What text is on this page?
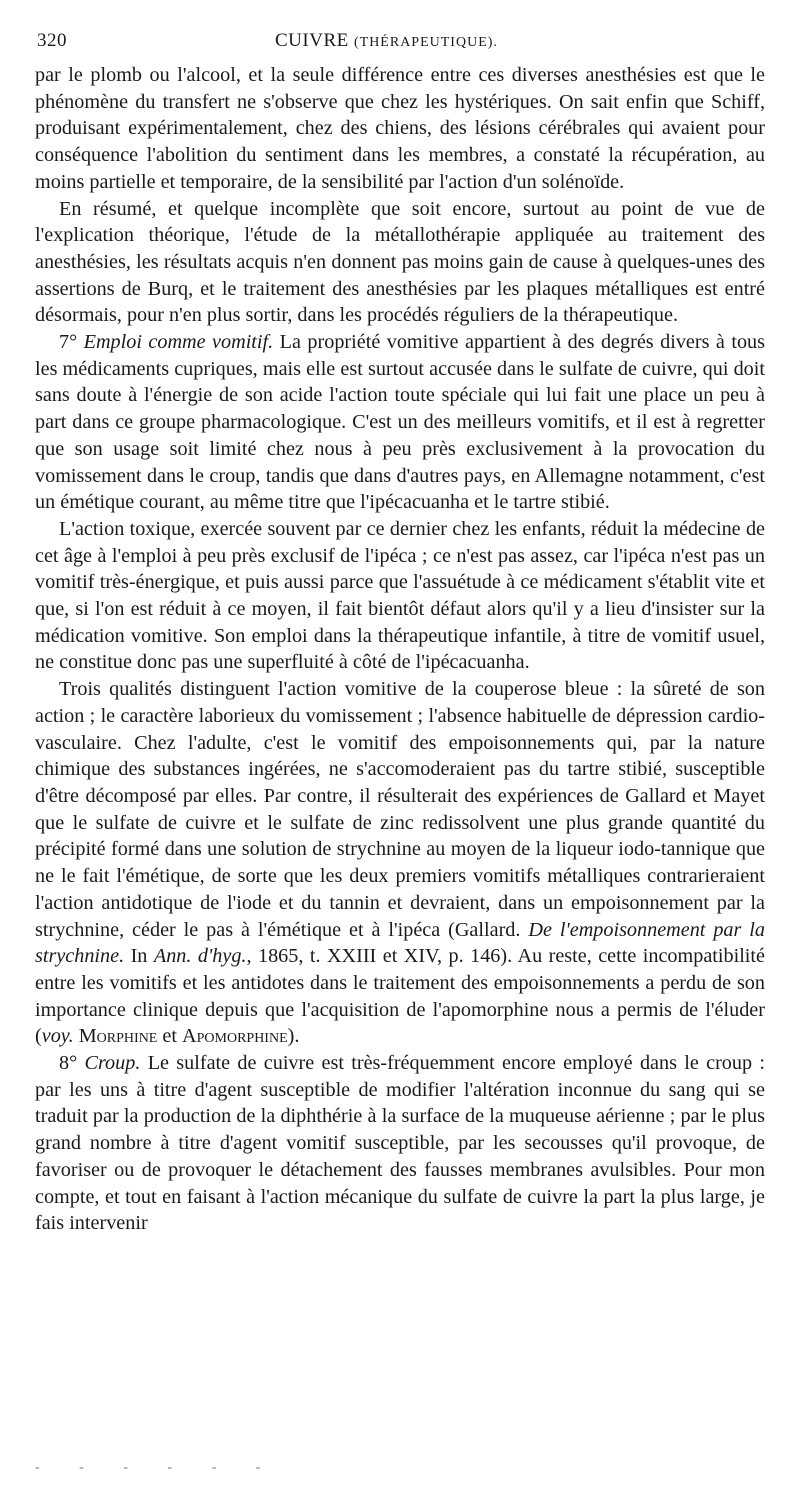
320	CUIVRE (THÉRAPEUTIQUE).

par le plomb ou l'alcool, et la seule différence entre ces diverses anesthésies est que le phénomène du transfert ne s'observe que chez les hystériques. On sait enfin que Schiff, produisant expérimentalement, chez des chiens, des lésions cérébrales qui avaient pour conséquence l'abolition du sentiment dans les membres, a constaté la récupération, au moins partielle et temporaire, de la sensibilité par l'action d'un solénoïde.

En résumé, et quelque incomplète que soit encore, surtout au point de vue de l'explication théorique, l'étude de la métallothérapie appliquée au traitement des anesthésies, les résultats acquis n'en donnent pas moins gain de cause à quelques-unes des assertions de Burq, et le traitement des anesthésies par les plaques métalliques est entré désormais, pour n'en plus sortir, dans les procédés réguliers de la thérapeutique.

7° Emploi comme vomitif. La propriété vomitive appartient à des degrés divers à tous les médicaments cupriques, mais elle est surtout accusée dans le sulfate de cuivre, qui doit sans doute à l'énergie de son acide l'action toute spéciale qui lui fait une place un peu à part dans ce groupe pharmacologique. C'est un des meilleurs vomitifs, et il est à regretter que son usage soit limité chez nous à peu près exclusivement à la provocation du vomissement dans le croup, tandis que dans d'autres pays, en Allemagne notamment, c'est un émétique courant, au même titre que l'ipécacuanha et le tartre stibié.

L'action toxique, exercée souvent par ce dernier chez les enfants, réduit la médecine de cet âge à l'emploi à peu près exclusif de l'ipéca ; ce n'est pas assez, car l'ipéca n'est pas un vomitif très-énergique, et puis aussi parce que l'assuétude à ce médicament s'établit vite et que, si l'on est réduit à ce moyen, il fait bientôt défaut alors qu'il y a lieu d'insister sur la médication vomitive. Son emploi dans la thérapeutique infantile, à titre de vomitif usuel, ne constitue donc pas une superfluité à côté de l'ipécacuanha.

Trois qualités distinguent l'action vomitive de la couperose bleue : la sûreté de son action ; le caractère laborieux du vomissement ; l'absence habituelle de dépression cardio-vasculaire. Chez l'adulte, c'est le vomitif des empoisonnements qui, par la nature chimique des substances ingérées, ne s'accomoderaient pas du tartre stibié, susceptible d'être décomposé par elles. Par contre, il résulterait des expériences de Gallard et Mayet que le sulfate de cuivre et le sulfate de zinc redissolvent une plus grande quantité du précipité formé dans une solution de strychnine au moyen de la liqueur iodo-tannique que ne le fait l'émétique, de sorte que les deux premiers vomitifs métalliques contrarieraient l'action antidotique de l'iode et du tannin et devraient, dans un empoisonnement par la strychnine, céder le pas à l'émétique et à l'ipéca (Gallard. De l'empoisonnement par la strychnine. In Ann. d'hyg., 1865, t. XXIII et XIV, p. 146). Au reste, cette incompatibilité entre les vomitifs et les antidotes dans le traitement des empoisonnements a perdu de son importance clinique depuis que l'acquisition de l'apomorphine nous a permis de l'éluder (voy. Morphine et Apomorphine).

8° Croup. Le sulfate de cuivre est très-fréquemment encore employé dans le croup : par les uns à titre d'agent susceptible de modifier l'altération inconnue du sang qui se traduit par la production de la diphthérie à la surface de la muqueuse aérienne ; par le plus grand nombre à titre d'agent vomitif susceptible, par les secousses qu'il provoque, de favoriser ou de provoquer le détachement des fausses membranes avulsibles. Pour mon compte, et tout en faisant à l'action mécanique du sulfate de cuivre la part la plus large, je fais intervenir

- - - - - -
